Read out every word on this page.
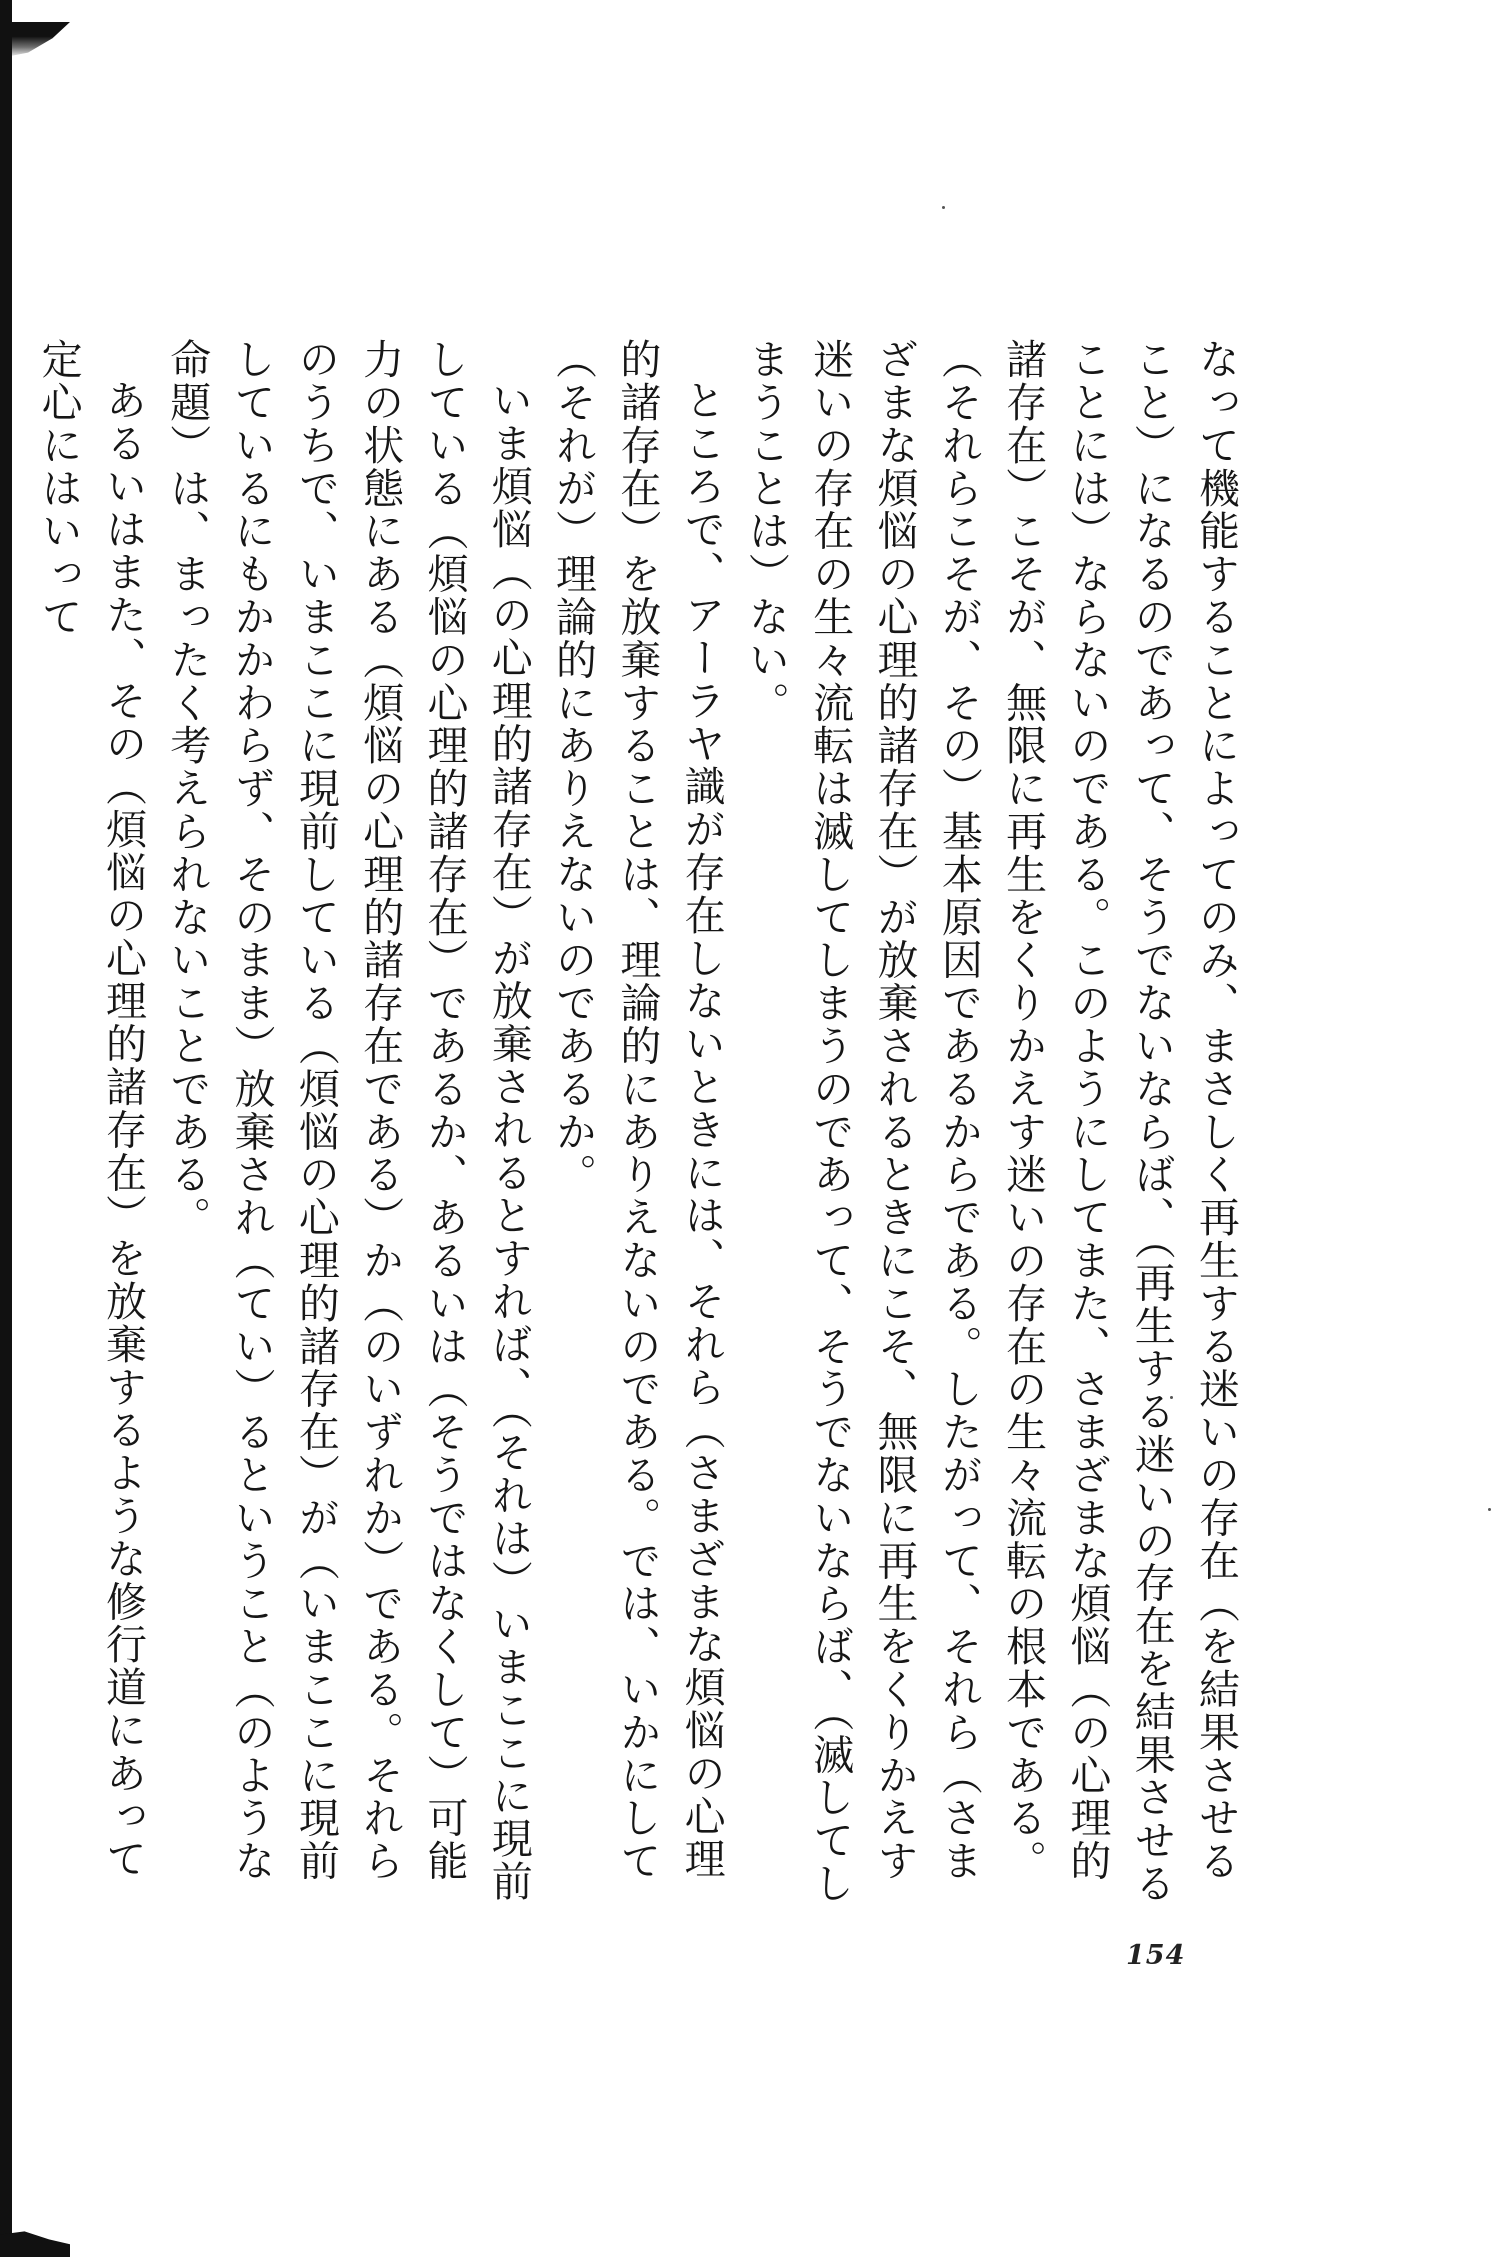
なって機能することによってのみ、まさしく再生する迷いの存在（を結果させること）になるのであって、そうでないならば、（再生する迷いの存在を結果させることには）ならないのである。このようにしてまた、さまざまな煩悩（の心理的諸存在）こそが、無限に再生をくりかえす迷いの存在の生々流転の根本である。（それらこそが、その）基本原因であるからである。したがって、それら（さまざまな煩悩の心理的諸存在）が放棄されるときにこそ、無限に再生をくりかえす迷いの存在の生々流転は滅してしまうのであって、そうでないならば、（滅してしまうことは）ない。

ところで、アーラヤ識が存在しないときには、それら（さまざまな煩悩の心理的諸存在）を放棄することは、理論的にありえないのである。では、いかにして（それが）理論的にありえないのであるか。

いま煩悩（の心理的諸存在）が放棄されるとすれば、（それは）いまここに現前している（煩悩の心理的諸存在）であるか、あるいは（そうではなくして）可能力の状態にある（煩悩の心理的諸存在である）か（のいずれか）である。それらのうちで、いまここに現前している（煩悩の心理的諸存在）が（いまここに現前しているにもかかわらず、そのまま）放棄され（てい）るということ（のような命題）は、まったく考えられないことである。

あるいはまた、その（煩悩の心理的諸存在）を放棄するような修行道にあって定心にはいって

154
